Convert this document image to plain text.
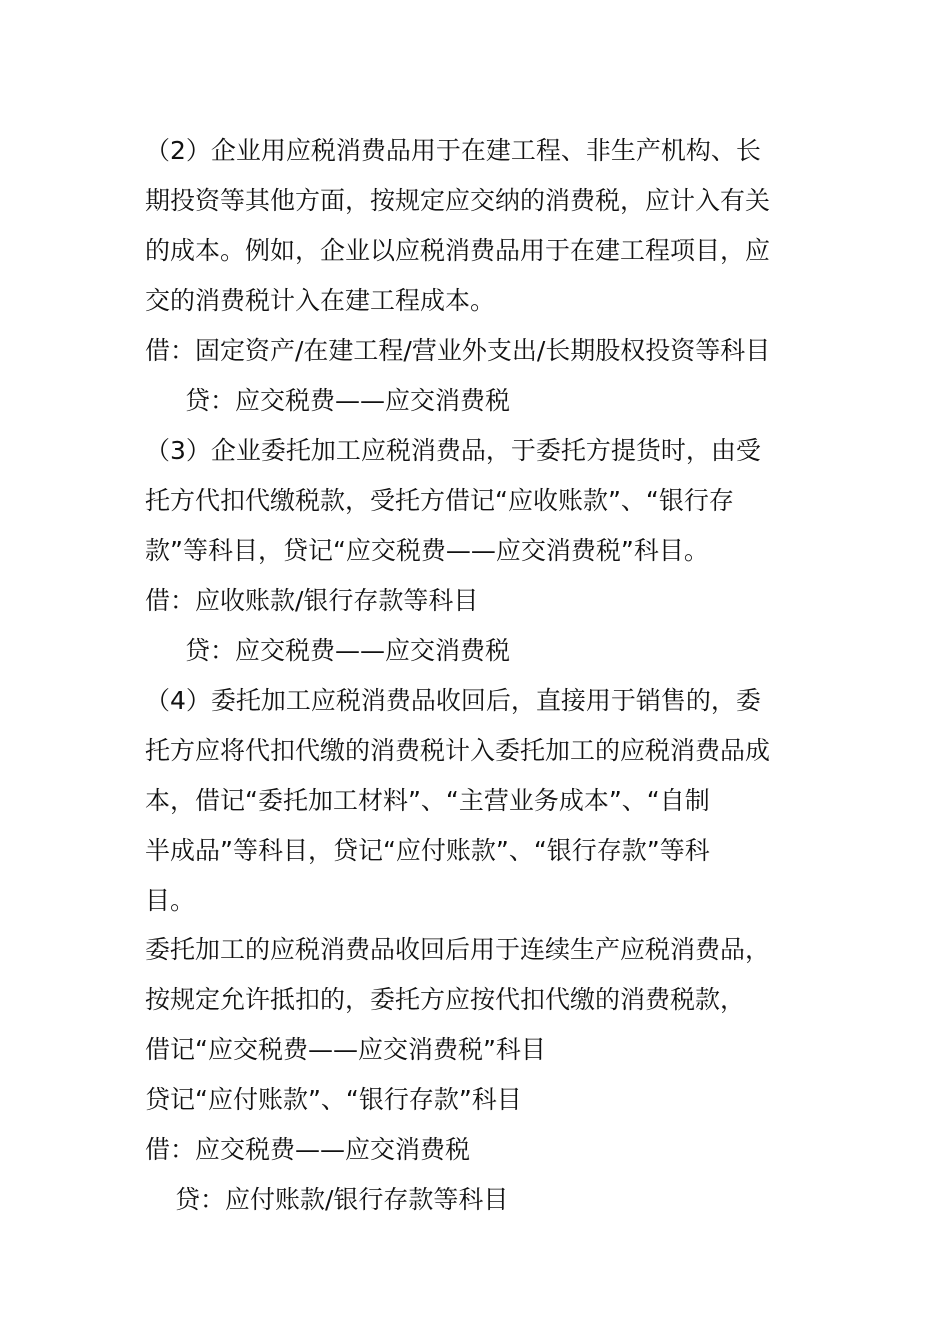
（2）企业用应税消费品用于在建工程、非生产机构、长
期投资等其他方面，按规定应交纳的消费税，应计入有关
的成本。例如，企业以应税消费品用于在建工程项目，应
交的消费税计入在建工程成本。
借：固定资产/在建工程/营业外支出/长期股权投资等科目
贷：应交税费——应交消费税
（3）企业委托加工应税消费品，于委托方提货时，由受
托方代扣代缴税款，受托方借记“应收账款”、“银行存
款”等科目，贷记“应交税费——应交消费税”科目。
借：应收账款/银行存款等科目
贷：应交税费——应交消费税
（4）委托加工应税消费品收回后，直接用于销售的，委
托方应将代扣代缴的消费税计入委托加工的应税消费品成
本，借记“委托加工材料”、“主营业务成本”、“自制
半成品”等科目，贷记“应付账款”、“银行存款”等科
目。
委托加工的应税消费品收回后用于连续生产应税消费品，
按规定允许抵扣的，委托方应按代扣代缴的消费税款，
借记“应交税费——应交消费税”科目
贷记“应付账款”、“银行存款”科目
借：应交税费——应交消费税
贷：应付账款/银行存款等科目
